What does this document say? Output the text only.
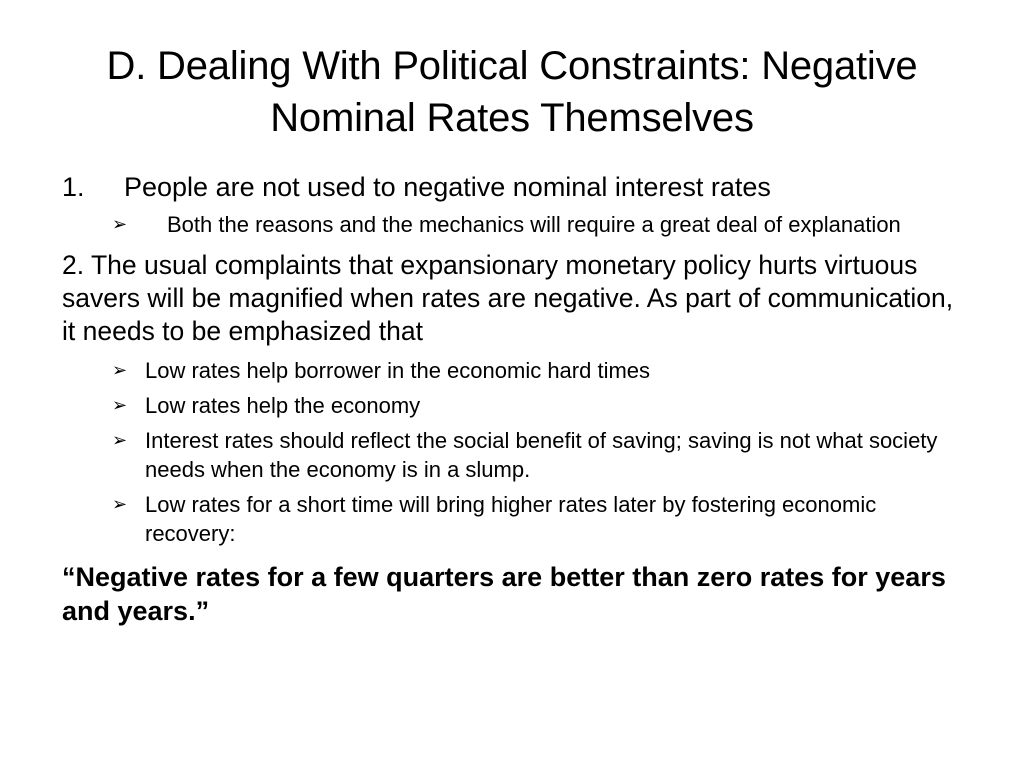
D. Dealing With Political Constraints: Negative Nominal Rates Themselves
1.	People are not used to negative nominal interest rates
➢	Both the reasons and the mechanics will require a great deal of explanation
2. The usual complaints that expansionary monetary policy hurts virtuous savers will be magnified when rates are negative. As part of communication, it needs to be emphasized that
➢ Low rates help borrower in the economic hard times
➢ Low rates help the economy
➢ Interest rates should reflect the social benefit of saving; saving is not what society needs when the economy is in a slump.
➢ Low rates for a short time will bring higher rates later by fostering economic recovery:
“Negative rates for a few quarters are better than zero rates for years and years.”
